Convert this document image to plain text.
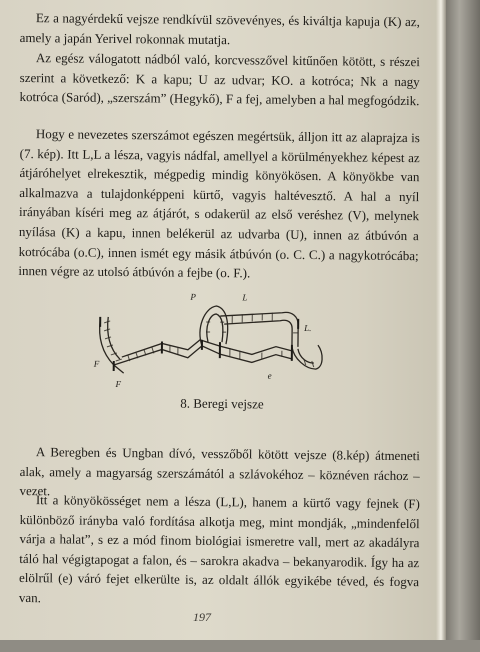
Ez a nagyérdekű vejsze rendkívül szövevényes, és kiváltja kapuja (K) az, amely a japán Yerivel rokonnak mutatja.

Az egész válogatott nádból való, korcvesszővel kitűnően kötött, s részei szerint a következő: K a kapu; U az udvar; KO. a kotróca; Nk a nagy kotróca (Saród), „szerszám” (Hegykő), F a fej, amelyben a hal megfogódzik.

Hogy e nevezetes szerszámot egészen megértsük, álljon itt az alaprajza is (7. kép). Itt L,L a lésza, vagyis nádfal, amellyel a körülményekhez képest az átjáróhelyet elrekesztik, mégpedig mindig könyökösen. A könyökbe van alkalmazva a tulajdonképpeni kürtő, vagyis haltévesztő. A hal a nyíl irányában kíséri meg az átjárót, s odakerül az első veréshez (V), melynek nyílása (K) a kapu, innen belékerül az udvarba (U), innen az átbúvón a kotrócába (o.C), innen ismét egy másik átbúvón (o. C. C.) a nagykotrócába; innen végre az utolsó átbúvón a fejbe (o. F.).

P	L
L.
F
F
e
8. Beregi vejsze

A Beregben és Ungban dívó, vesszőből kötött vejsze (8.kép) átmeneti alak, amely a magyarság szerszámától a szlávokéhoz – köznéven ráchoz – vezet.

Itt a könyökösséget nem a lésza (L,L), hanem a kürtő vagy fejnek (F) különböző irányba való fordítása alkotja meg, mint mondják, „mindenfelől várja a halat”, s ez a mód finom biológiai ismeretre vall, mert az akadályra táló hal végigtapogat a falon, és – sarokra akadva – bekanyarodik. Így ha az elölrűl (e) váró fejet elkerülte is, az oldalt állók egyikébe téved, és fogva van.

197
